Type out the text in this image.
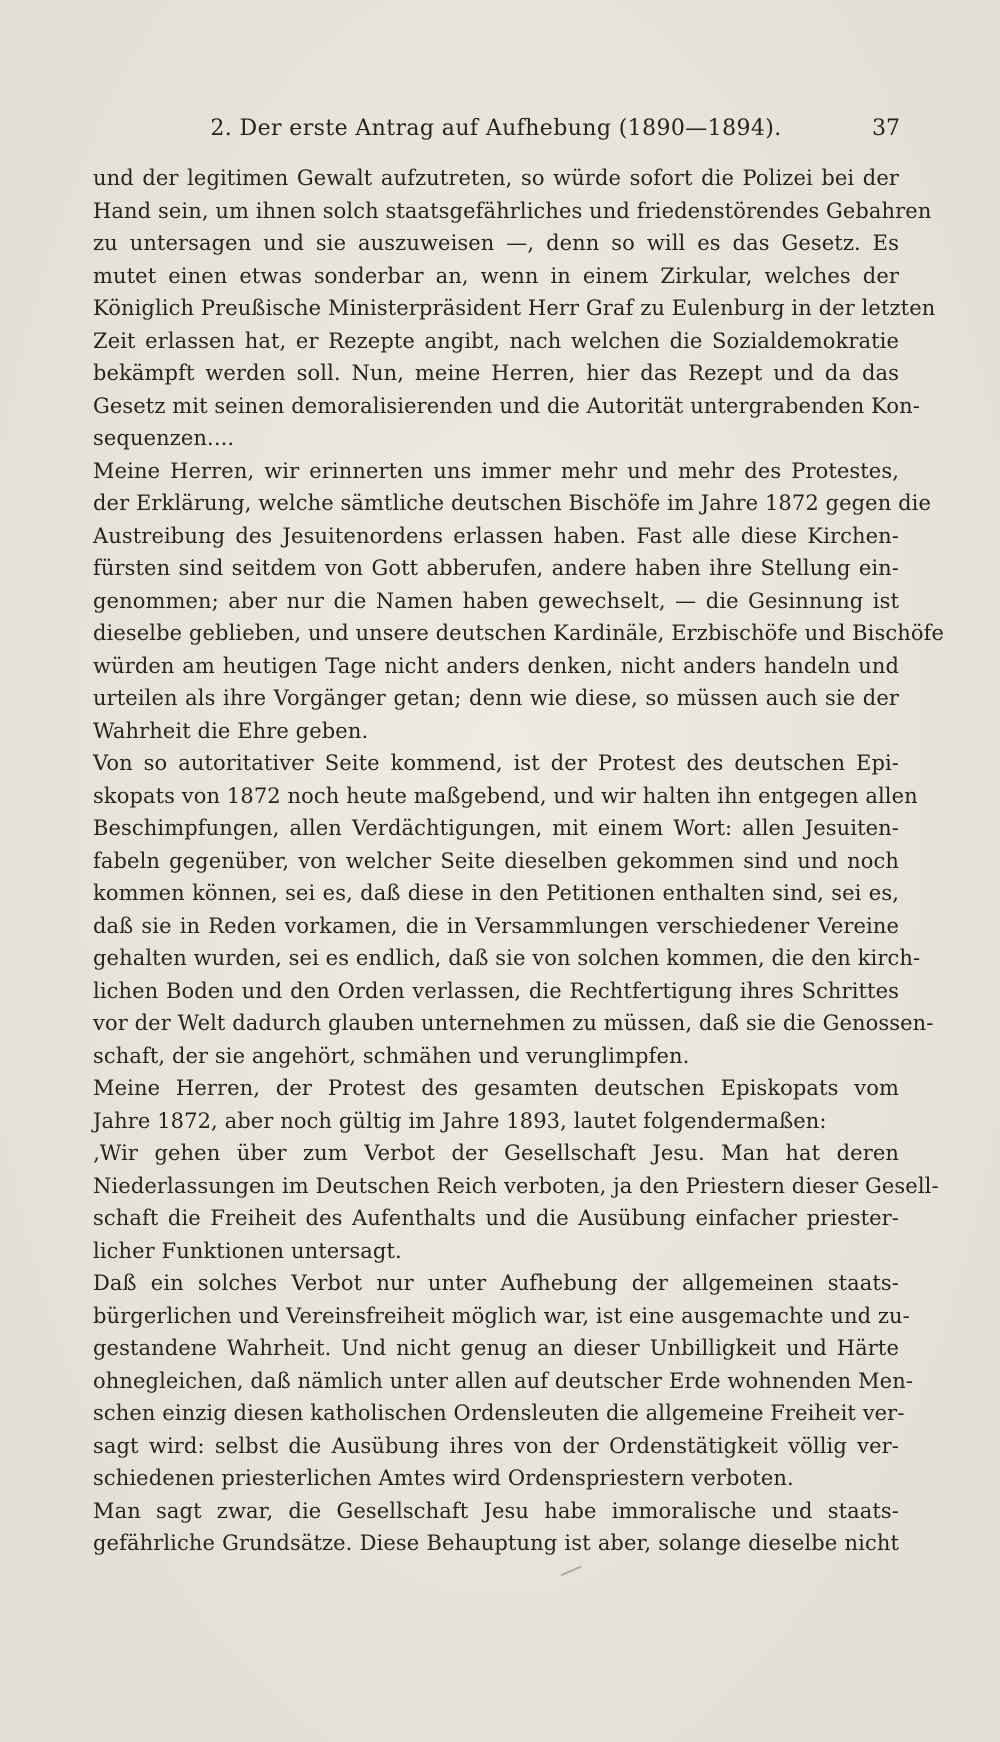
2. Der erste Antrag auf Aufhebung (1890—1894).	37
und der legitimen Gewalt aufzutreten, so würde sofort die Polizei bei der
Hand sein, um ihnen solch staatsgefährliches und friedenstörendes Gebahren
zu untersagen und sie auszuweisen —, denn so will es das Gesetz. Es
mutet einen etwas sonderbar an, wenn in einem Zirkular, welches der
Königlich Preußische Ministerpräsident Herr Graf zu Eulenburg in der letzten
Zeit erlassen hat, er Rezepte angibt, nach welchen die Sozialdemokratie
bekämpft werden soll. Nun, meine Herren, hier das Rezept und da das
Gesetz mit seinen demoralisierenden und die Autorität untergrabenden Kon-
sequenzen....
Meine Herren, wir erinnerten uns immer mehr und mehr des Protestes,
der Erklärung, welche sämtliche deutschen Bischöfe im Jahre 1872 gegen die
Austreibung des Jesuitenordens erlassen haben. Fast alle diese Kirchen-
fürsten sind seitdem von Gott abberufen, andere haben ihre Stellung ein-
genommen; aber nur die Namen haben gewechselt, — die Gesinnung ist
dieselbe geblieben, und unsere deutschen Kardinäle, Erzbischöfe und Bischöfe
würden am heutigen Tage nicht anders denken, nicht anders handeln und
urteilen als ihre Vorgänger getan; denn wie diese, so müssen auch sie der
Wahrheit die Ehre geben.
Von so autoritativer Seite kommend, ist der Protest des deutschen Epi-
skopats von 1872 noch heute maßgebend, und wir halten ihn entgegen allen
Beschimpfungen, allen Verdächtigungen, mit einem Wort: allen Jesuiten-
fabeln gegenüber, von welcher Seite dieselben gekommen sind und noch
kommen können, sei es, daß diese in den Petitionen enthalten sind, sei es,
daß sie in Reden vorkamen, die in Versammlungen verschiedener Vereine
gehalten wurden, sei es endlich, daß sie von solchen kommen, die den kirch-
lichen Boden und den Orden verlassen, die Rechtfertigung ihres Schrittes
vor der Welt dadurch glauben unternehmen zu müssen, daß sie die Genossen-
schaft, der sie angehört, schmähen und verunglimpfen.
Meine Herren, der Protest des gesamten deutschen Episkopats vom
Jahre 1872, aber noch gültig im Jahre 1893, lautet folgendermaßen:
‚Wir gehen über zum Verbot der Gesellschaft Jesu. Man hat deren
Niederlassungen im Deutschen Reich verboten, ja den Priestern dieser Gesell-
schaft die Freiheit des Aufenthalts und die Ausübung einfacher priester-
licher Funktionen untersagt.
Daß ein solches Verbot nur unter Aufhebung der allgemeinen staats-
bürgerlichen und Vereinsfreiheit möglich war, ist eine ausgemachte und zu-
gestandene Wahrheit. Und nicht genug an dieser Unbilligkeit und Härte
ohnegleichen, daß nämlich unter allen auf deutscher Erde wohnenden Men-
schen einzig diesen katholischen Ordensleuten die allgemeine Freiheit ver-
sagt wird: selbst die Ausübung ihres von der Ordenstätigkeit völlig ver-
schiedenen priesterlichen Amtes wird Ordenspriestern verboten.
Man sagt zwar, die Gesellschaft Jesu habe immoralische und staats-
gefährliche Grundsätze. Diese Behauptung ist aber, solange dieselbe nicht
